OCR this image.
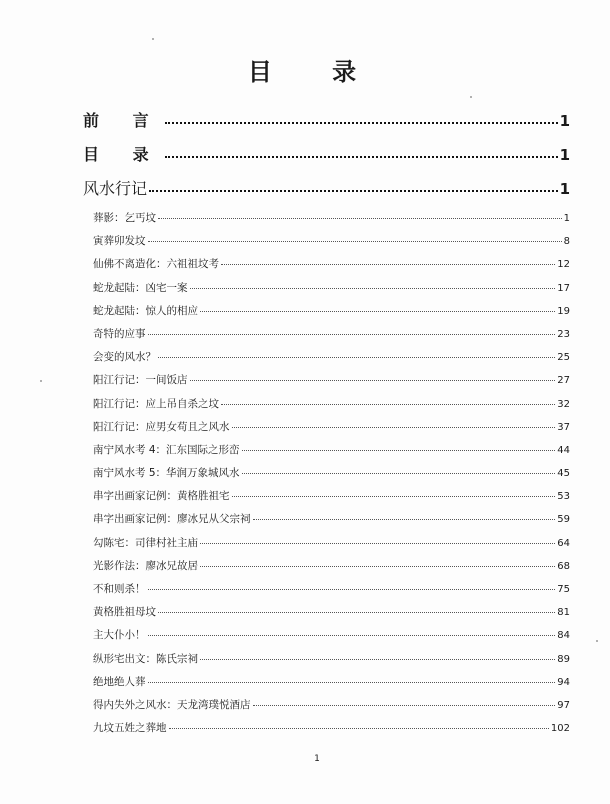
目 录
前 言	1
目 录	1
风水行记	1
葬影：乞丐坟	1
寅葬卯发坟	8
仙佛不离造化：六祖祖坟考	12
蛇龙起陆：凶宅一案	17
蛇龙起陆：惊人的相应	19
奇特的应事	23
会变的风水？	25
阳江行记：一间饭店	27
阳江行记：应上吊自杀之坟	32
阳江行记：应男女苟且之风水	37
南宁风水考 4：汇东国际之形峦	44
南宁风水考 5：华润万象城风水	45
串字出画家记例：黄格胜祖宅	53
串字出画家记例：廖冰兄从父宗祠	59
勾陈宅：司律村社主庙	64
光影作法：廖冰兄故居	68
不和则杀！	75
黄格胜祖母坟	81
主大仆小！	84
纵形宅出文：陈氏宗祠	89
绝地绝人葬	94
得内失外之风水：天龙湾璞悦酒店	97
九坟五姓之葬地	102
1
